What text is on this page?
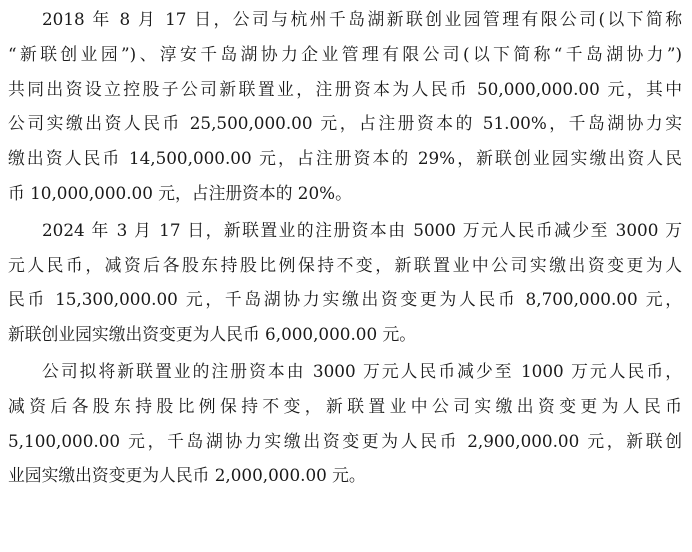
2018 年 8 月 17 日，公司与杭州千岛湖新联创业园管理有限公司(以下简称
“新联创业园”)、淳安千岛湖协力企业管理有限公司(以下简称“千岛湖协力”)
共同出资设立控股子公司新联置业，注册资本为人民币 50,000,000.00 元，其中
公司实缴出资人民币 25,500,000.00 元，占注册资本的 51.00%，千岛湖协力实
缴出资人民币 14,500,000.00 元，占注册资本的 29%，新联创业园实缴出资人民
币 10,000,000.00 元，占注册资本的 20%。

2024 年 3 月 17 日，新联置业的注册资本由 5000 万元人民币减少至 3000 万
元人民币，减资后各股东持股比例保持不变，新联置业中公司实缴出资变更为人
民币 15,300,000.00 元，千岛湖协力实缴出资变更为人民币 8,700,000.00 元，
新联创业园实缴出资变更为人民币 6,000,000.00 元。

公司拟将新联置业的注册资本由 3000 万元人民币减少至 1000 万元人民币，
减资后各股东持股比例保持不变，新联置业中公司实缴出资变更为人民币
5,100,000.00 元，千岛湖协力实缴出资变更为人民币 2,900,000.00 元，新联创
业园实缴出资变更为人民币 2,000,000.00 元。
